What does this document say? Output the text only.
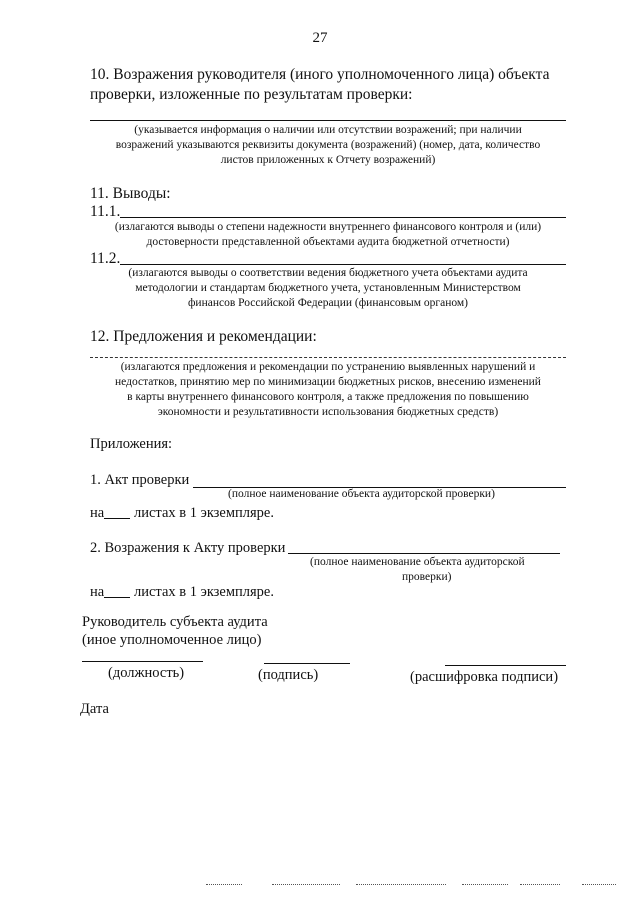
27
10. Возражения руководителя (иного уполномоченного лица) объекта
проверки, изложенные по результатам проверки:
(указывается информация о наличии или отсутствии возражений; при наличии
возражений указываются реквизиты документа (возражений) (номер, дата, количество
листов приложенных к Отчету возражений)
11. Выводы:
11.1.
(излагаются выводы о степени надежности внутреннего финансового контроля и (или)
достоверности представленной объектами аудита бюджетной отчетности)
11.2.
(излагаются выводы о соответствии ведения бюджетного учета объектами аудита
методологии и стандартам бюджетного учета, установленным Министерством
финансов Российской Федерации (финансовым органом)
12. Предложения и рекомендации:
(излагаются предложения и рекомендации по устранению выявленных нарушений и
недостатков, принятию мер по минимизации бюджетных рисков, внесению изменений
в карты внутреннего финансового контроля, а также предложения по повышению
экономности и результативности использования бюджетных средств)
Приложения:
1. Акт проверки
(полное наименование объекта аудиторской проверки)
на листах в 1 экземпляре.
2. Возражения к Акту проверки
(полное наименование объекта аудиторской
проверки)
на листах в 1 экземпляре.
Руководитель субъекта аудита
(иное уполномоченное лицо)
(должность)	(подпись)	(расшифровка подписи)
Дата
